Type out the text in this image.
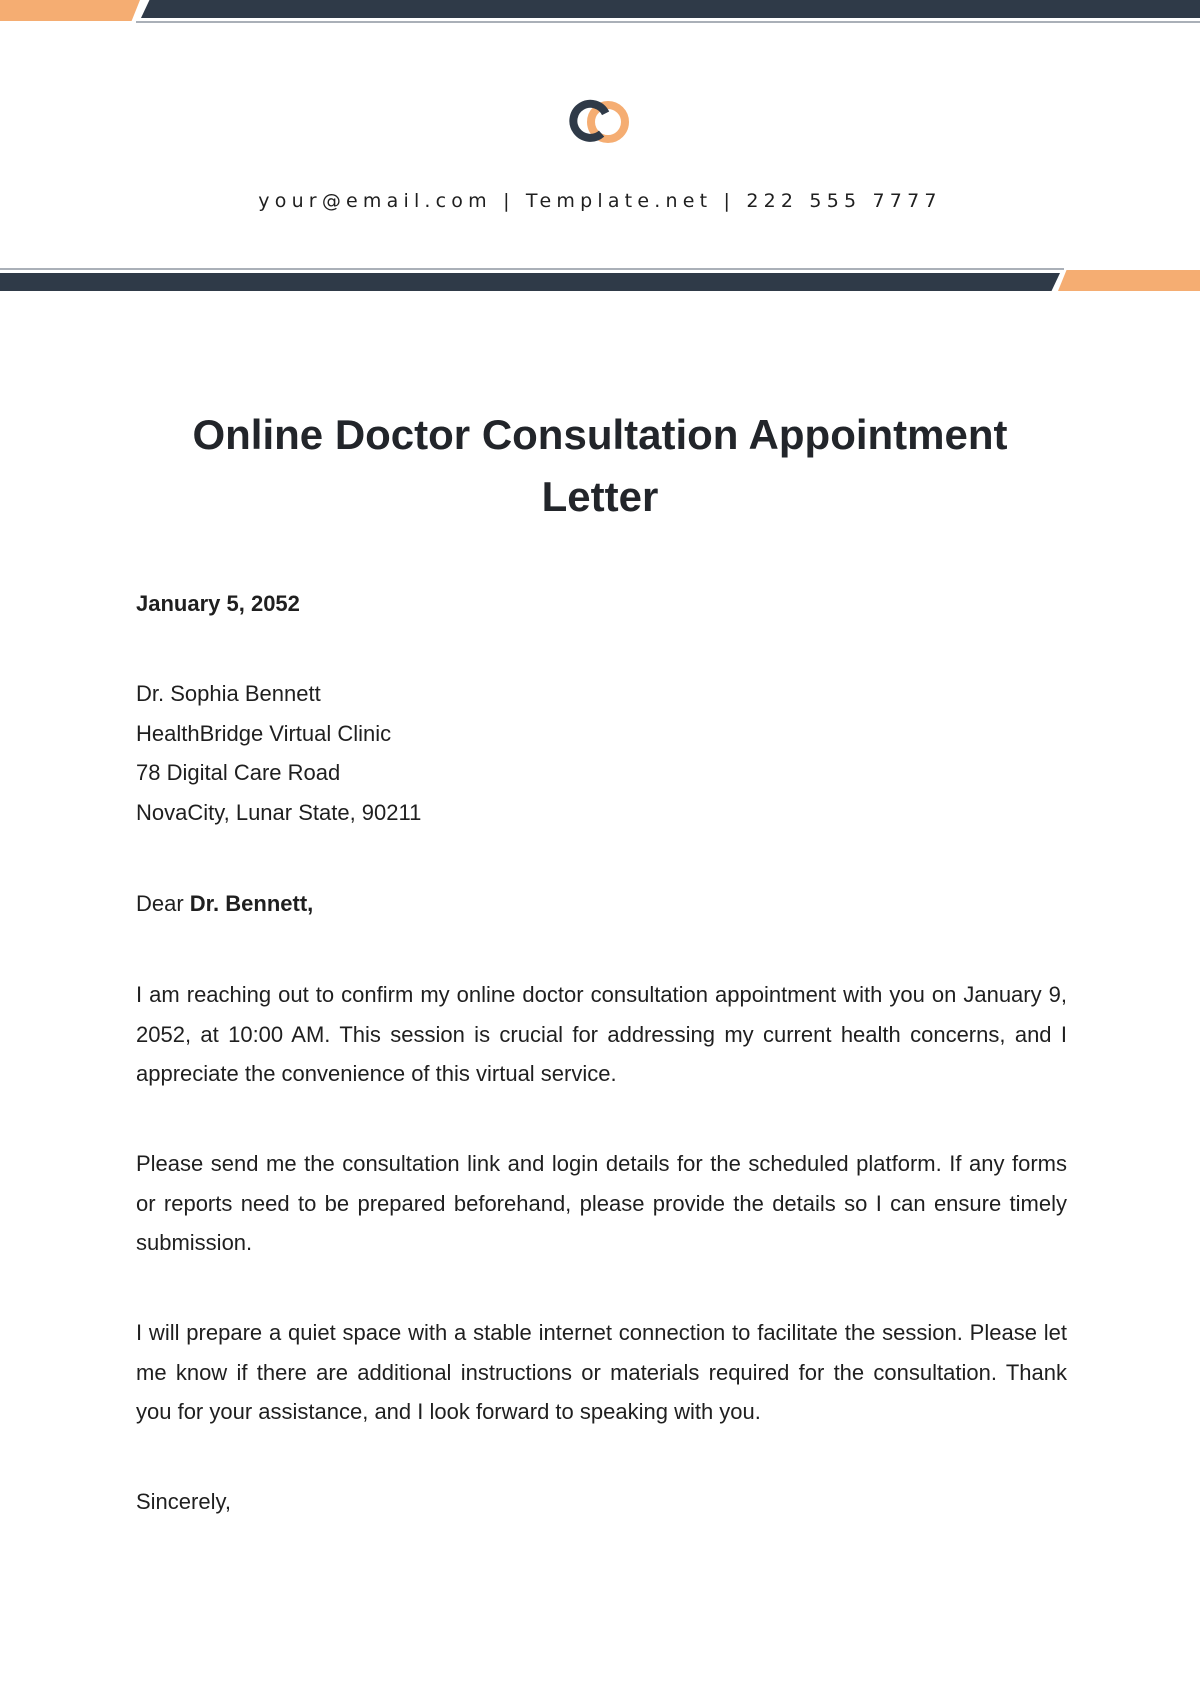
your@email.com | Template.net | 222 555 7777
Online Doctor Consultation Appointment Letter

January 5, 2052

Dr. Sophia Bennett
HealthBridge Virtual Clinic
78 Digital Care Road
NovaCity, Lunar State, 90211

Dear Dr. Bennett,

I am reaching out to confirm my online doctor consultation appointment with you on January 9, 2052, at 10:00 AM. This session is crucial for addressing my current health concerns, and I appreciate the convenience of this virtual service.

Please send me the consultation link and login details for the scheduled platform. If any forms or reports need to be prepared beforehand, please provide the details so I can ensure timely submission.

I will prepare a quiet space with a stable internet connection to facilitate the session. Please let me know if there are additional instructions or materials required for the consultation. Thank you for your assistance, and I look forward to speaking with you.

Sincerely,
